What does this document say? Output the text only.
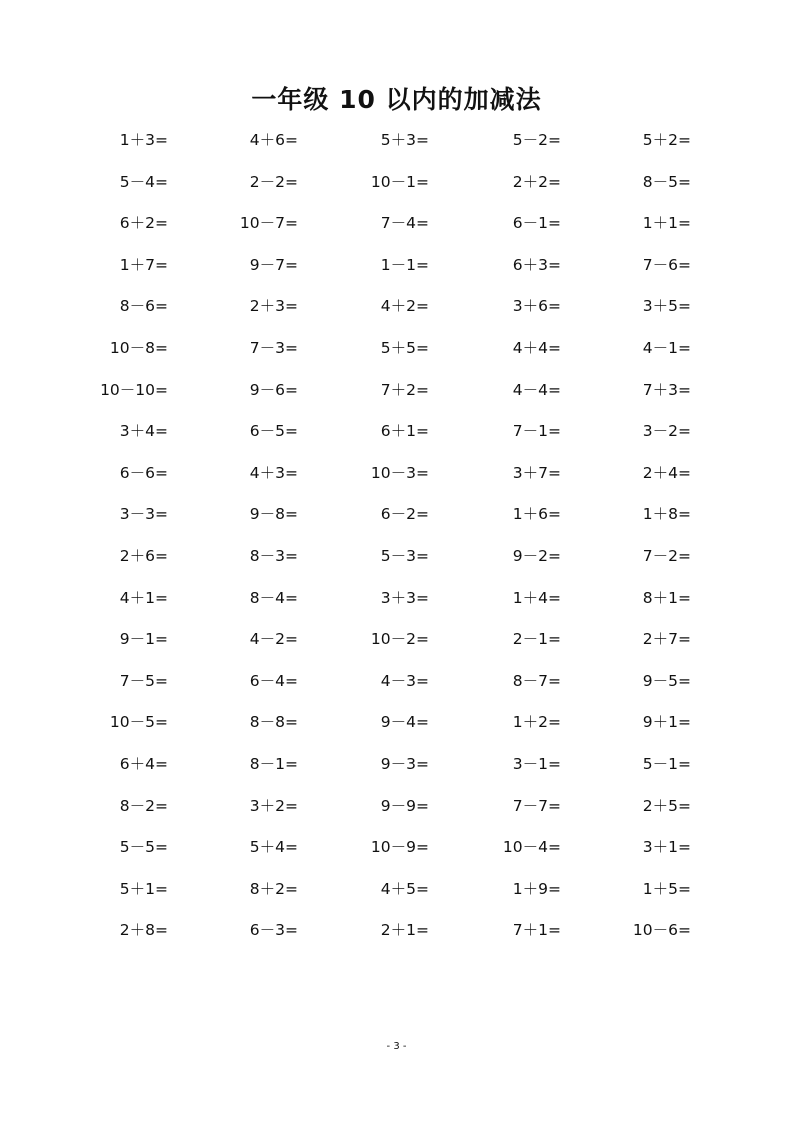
一年级 10 以内的加减法
1＋3=	4＋6=	5＋3=	5－2=	5＋2=
5－4=	2－2=	10－1=	2＋2=	8－5=
6＋2=	10－7=	7－4=	6－1=	1＋1=
1＋7=	9－7=	1－1=	6＋3=	7－6=
8－6=	2＋3=	4＋2=	3＋6=	3＋5=
10－8=	7－3=	5＋5=	4＋4=	4－1=
10－10=	9－6=	7＋2=	4－4=	7＋3=
3＋4=	6－5=	6＋1=	7－1=	3－2=
6－6=	4＋3=	10－3=	3＋7=	2＋4=
3－3=	9－8=	6－2=	1＋6=	1＋8=
2＋6=	8－3=	5－3=	9－2=	7－2=
4＋1=	8－4=	3＋3=	1＋4=	8＋1=
9－1=	4－2=	10－2=	2－1=	2＋7=
7－5=	6－4=	4－3=	8－7=	9－5=
10－5=	8－8=	9－4=	1＋2=	9＋1=
6＋4=	8－1=	9－3=	3－1=	5－1=
8－2=	3＋2=	9－9=	7－7=	2＋5=
5－5=	5＋4=	10－9=	10－4=	3＋1=
5＋1=	8＋2=	4＋5=	1＋9=	1＋5=
2＋8=	6－3=	2＋1=	7＋1=	10－6=
- 3 -
